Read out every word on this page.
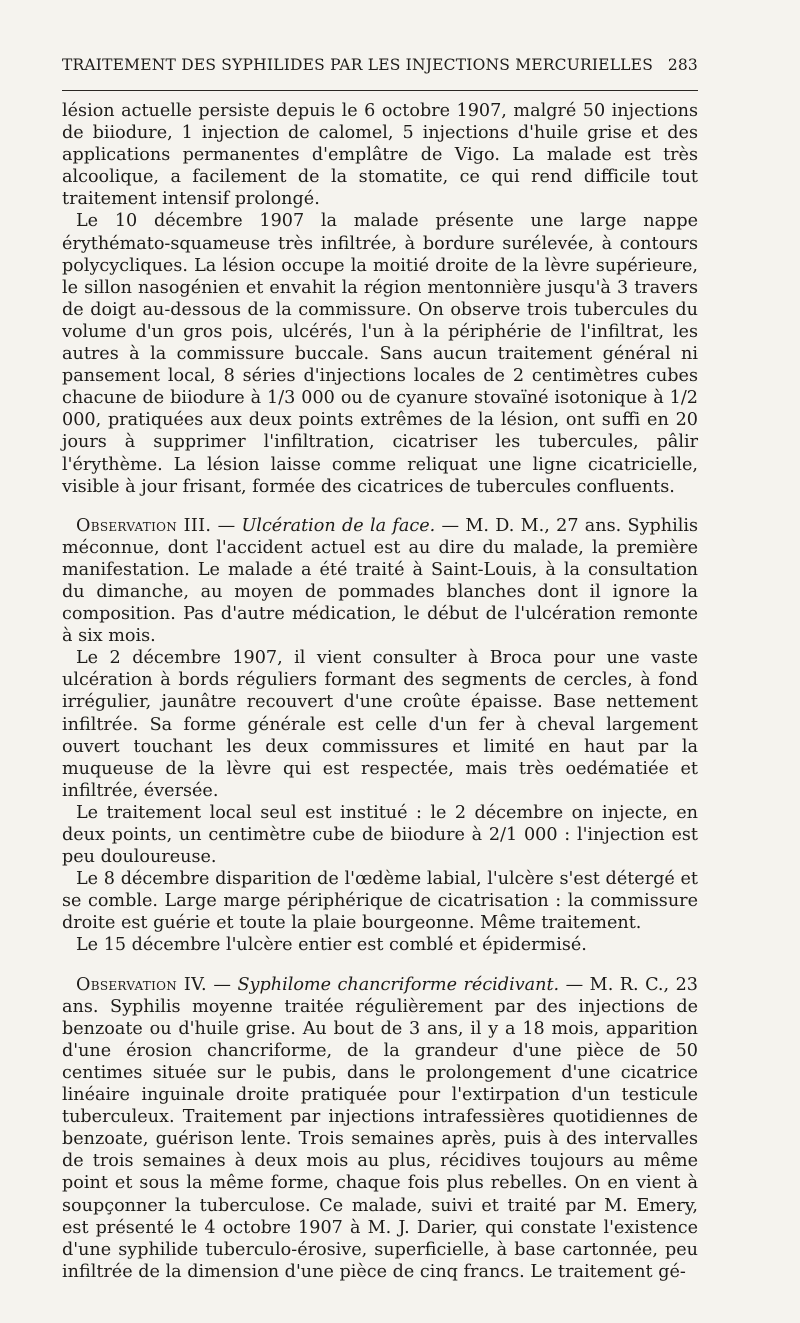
TRAITEMENT DES SYPHILIDES PAR LES INJECTIONS MERCURIELLES 283

lésion actuelle persiste depuis le 6 octobre 1907, malgré 50 injections de biiodure, 1 injection de calomel, 5 injections d'huile grise et des applications permanentes d'emplâtre de Vigo. La malade est très alcoolique, a facilement de la stomatite, ce qui rend difficile tout traitement intensif prolongé.

Le 10 décembre 1907 la malade présente une large nappe érythémato-squameuse très infiltrée, à bordure surélevée, à contours polycycliques. La lésion occupe la moitié droite de la lèvre supérieure, le sillon nasogénien et envahit la région mentonnière jusqu'à 3 travers de doigt au-dessous de la commissure. On observe trois tubercules du volume d'un gros pois, ulcérés, l'un à la périphérie de l'infiltrat, les autres à la commissure buccale. Sans aucun traitement général ni pansement local, 8 séries d'injections locales de 2 centimètres cubes chacune de biiodure à 1/3 000 ou de cyanure stovaïné isotonique à 1/2 000, pratiquées aux deux points extrêmes de la lésion, ont suffi en 20 jours à supprimer l'infiltration, cicatriser les tubercules, pâlir l'érythème. La lésion laisse comme reliquat une ligne cicatricielle, visible à jour frisant, formée des cicatrices de tubercules confluents.

Observation III. — Ulcération de la face. — M. D. M., 27 ans. Syphilis méconnue, dont l'accident actuel est au dire du malade, la première manifestation. Le malade a été traité à Saint-Louis, à la consultation du dimanche, au moyen de pommades blanches dont il ignore la composition. Pas d'autre médication, le début de l'ulcération remonte à six mois.

Le 2 décembre 1907, il vient consulter à Broca pour une vaste ulcération à bords réguliers formant des segments de cercles, à fond irrégulier, jaunâtre recouvert d'une croûte épaisse. Base nettement infiltrée. Sa forme générale est celle d'un fer à cheval largement ouvert touchant les deux commissures et limité en haut par la muqueuse de la lèvre qui est respectée, mais très oedématiée et infiltrée, éversée.

Le traitement local seul est institué : le 2 décembre on injecte, en deux points, un centimètre cube de biiodure à 2/1 000 : l'injection est peu douloureuse.

Le 8 décembre disparition de l'œdème labial, l'ulcère s'est détergé et se comble. Large marge périphérique de cicatrisation : la commissure droite est guérie et toute la plaie bourgeonne. Même traitement.

Le 15 décembre l'ulcère entier est comblé et épidermisé.

Observation IV. — Syphilome chancriforme récidivant. — M. R. C., 23 ans. Syphilis moyenne traitée régulièrement par des injections de benzoate ou d'huile grise. Au bout de 3 ans, il y a 18 mois, apparition d'une érosion chancriforme, de la grandeur d'une pièce de 50 centimes située sur le pubis, dans le prolongement d'une cicatrice linéaire inguinale droite pratiquée pour l'extirpation d'un testicule tuberculeux. Traitement par injections intrafessières quotidiennes de benzoate, guérison lente. Trois semaines après, puis à des intervalles de trois semaines à deux mois au plus, récidives toujours au même point et sous la même forme, chaque fois plus rebelles. On en vient à soupçonner la tuberculose. Ce malade, suivi et traité par M. Emery, est présenté le 4 octobre 1907 à M. J. Darier, qui constate l'existence d'une syphilide tuberculo-érosive, superficielle, à base cartonnée, peu infiltrée de la dimension d'une pièce de cinq francs. Le traitement gé-
